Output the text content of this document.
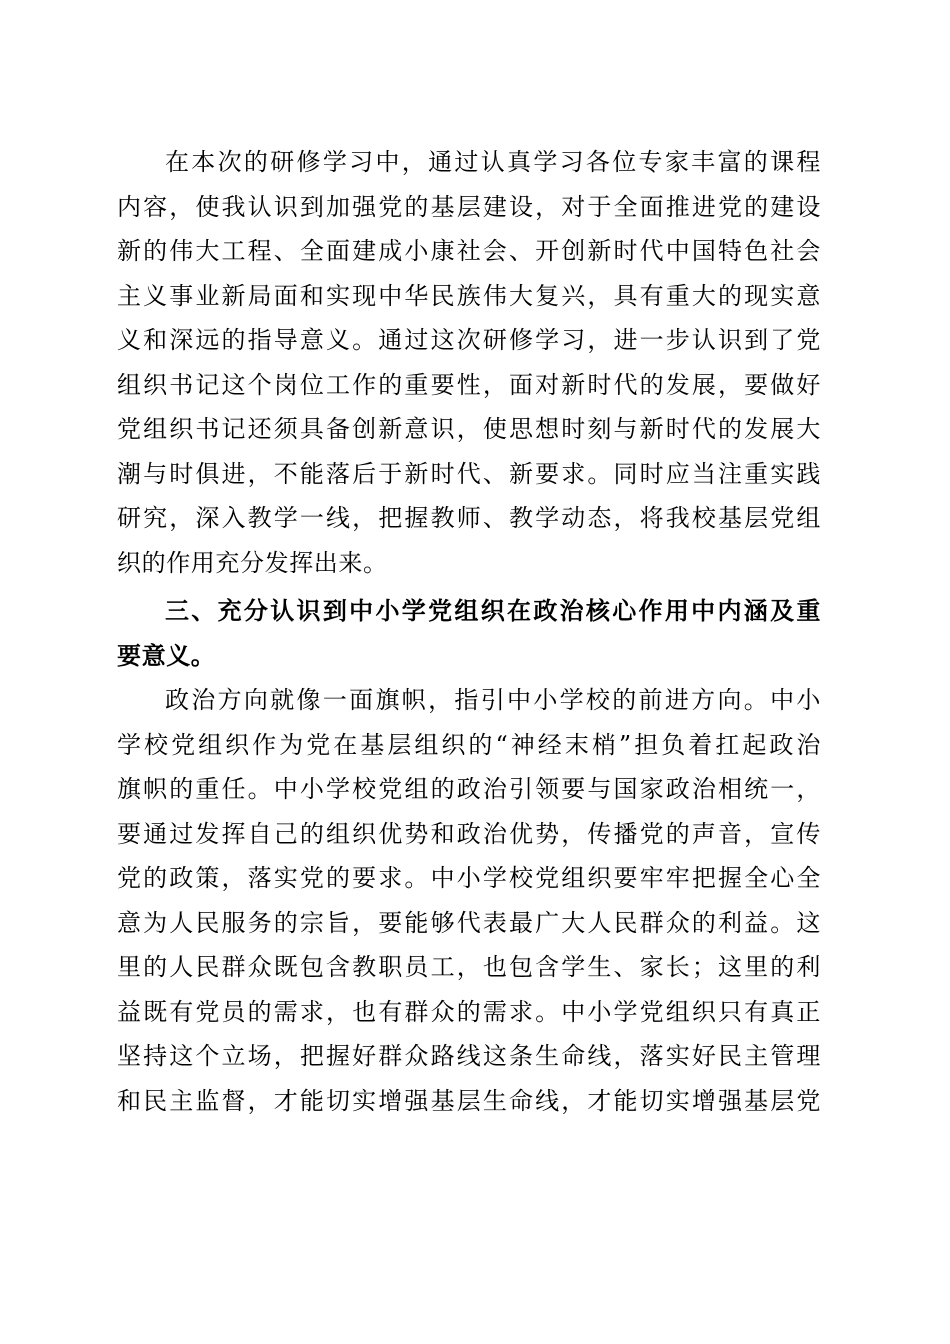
在本次的研修学习中，通过认真学习各位专家丰富的课程
内容，使我认识到加强党的基层建设，对于全面推进党的建设
新的伟大工程、全面建成小康社会、开创新时代中国特色社会
主义事业新局面和实现中华民族伟大复兴，具有重大的现实意
义和深远的指导意义。通过这次研修学习，进一步认识到了党
组织书记这个岗位工作的重要性，面对新时代的发展，要做好
党组织书记还须具备创新意识，使思想时刻与新时代的发展大
潮与时俱进，不能落后于新时代、新要求。同时应当注重实践
研究，深入教学一线，把握教师、教学动态，将我校基层党组
织的作用充分发挥出来。
三、充分认识到中小学党组织在政治核心作用中内涵及重
要意义。
政治方向就像一面旗帜，指引中小学校的前进方向。中小
学校党组织作为党在基层组织的“神经末梢”担负着扛起政治
旗帜的重任。中小学校党组的政治引领要与国家政治相统一，
要通过发挥自己的组织优势和政治优势，传播党的声音，宣传
党的政策，落实党的要求。中小学校党组织要牢牢把握全心全
意为人民服务的宗旨，要能够代表最广大人民群众的利益。这
里的人民群众既包含教职员工，也包含学生、家长；这里的利
益既有党员的需求，也有群众的需求。中小学党组织只有真正
坚持这个立场，把握好群众路线这条生命线，落实好民主管理
和民主监督，才能切实增强基层生命线，才能切实增强基层党
